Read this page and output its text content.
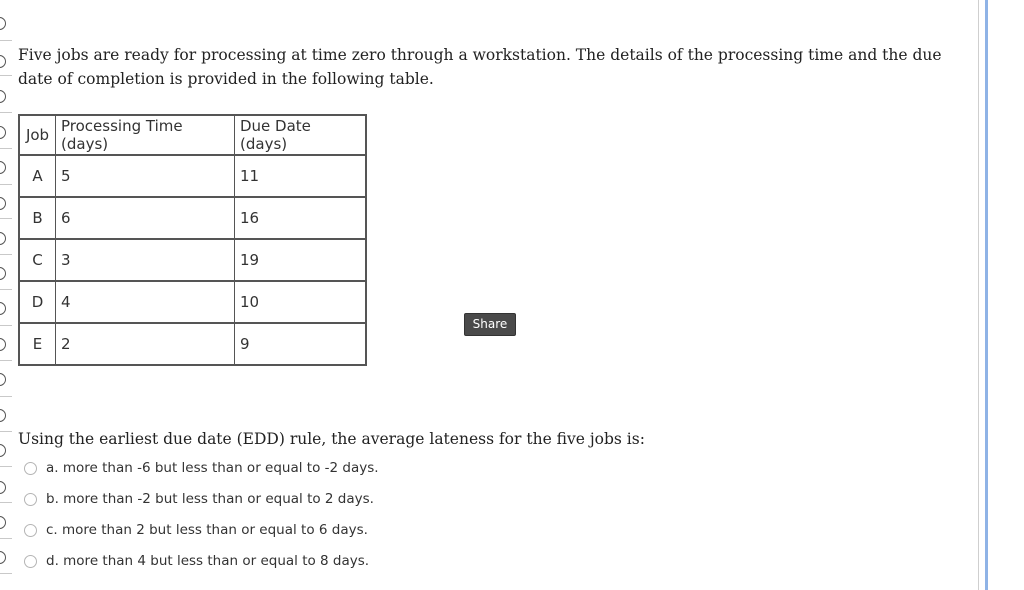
Five jobs are ready for processing at time zero through a workstation. The details of the processing time and the due date of completion is provided in the following table.
Job	Processing Time (days)	Due Date (days)
A	5	11
B	6	16
C	3	19
D	4	10
E	2	9
Share
Using the earliest due date (EDD) rule, the average lateness for the five jobs is:
a. more than -6 but less than or equal to -2 days.
b. more than -2 but less than or equal to 2 days.
c. more than 2 but less than or equal to 6 days.
d. more than 4 but less than or equal to 8 days.
